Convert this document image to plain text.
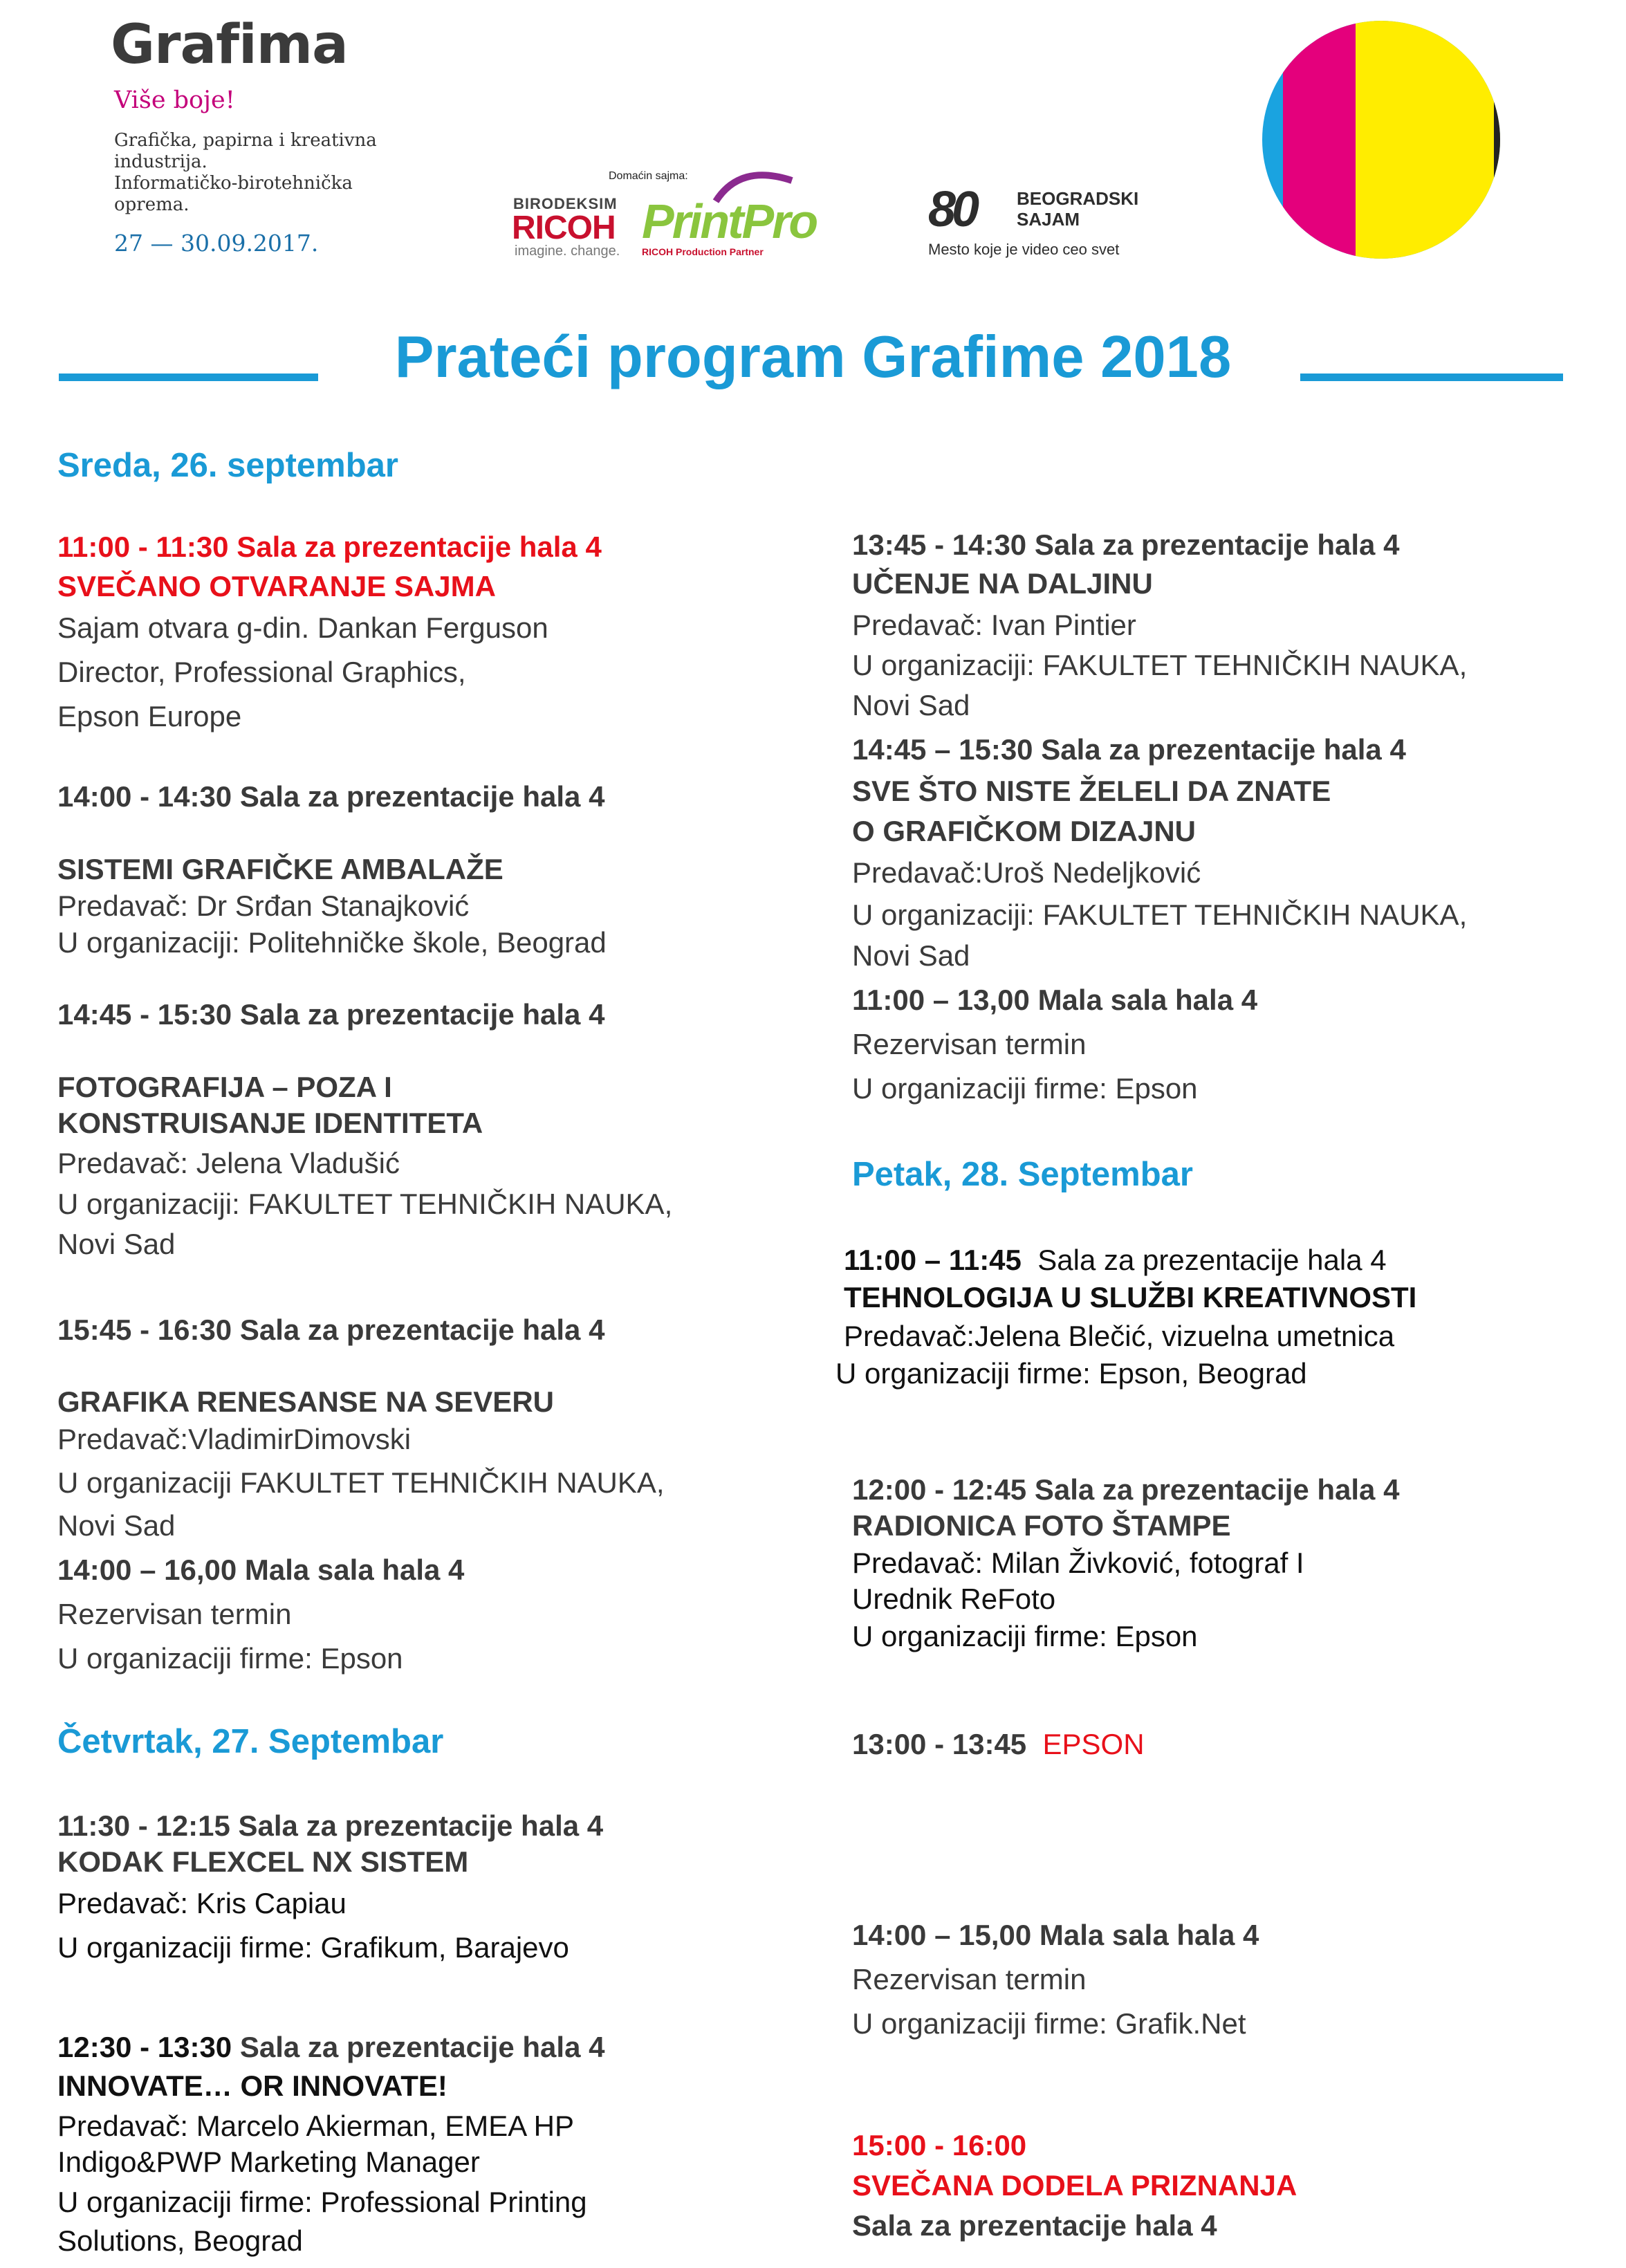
Grafima
Više boje!
Grafička, papirna i kreativna
industrija.
Informatičko-birotehnička
oprema.
27 — 30.09.2017.
Domaćin sajma:
BIRODEKSIM
RICOH
imagine. change.
PrintPro
RICOH Production Partner
80 BEOGRADSKI
SAJAM
Mesto koje je video ceo svet
Prateći program Grafime 2018
Sreda, 26. septembar
11:00 - 11:30 Sala za prezentacije hala 4
SVEČANO OTVARANJE SAJMA
Sajam otvara g-din. Dankan Ferguson
Director, Professional Graphics,
Epson Europe
14:00 - 14:30 Sala za prezentacije hala 4
SISTEMI GRAFIČKE AMBALAŽE
Predavač: Dr Srđan Stanajković
U organizaciji: Politehničke škole, Beograd
14:45 - 15:30 Sala za prezentacije hala 4
FOTOGRAFIJA – POZA I
KONSTRUISANJE IDENTITETA
Predavač: Jelena Vladušić
U organizaciji: FAKULTET TEHNIČKIH NAUKA,
Novi Sad
15:45 - 16:30 Sala za prezentacije hala 4
GRAFIKA RENESANSE NA SEVERU
Predavač:VladimirDimovski
U organizaciji FAKULTET TEHNIČKIH NAUKA,
Novi Sad
14:00 – 16,00 Mala sala hala 4
Rezervisan termin
U organizaciji firme: Epson
Četvrtak, 27. Septembar
11:30 - 12:15 Sala za prezentacije hala 4
KODAK FLEXCEL NX SISTEM
Predavač: Kris Capiau
U organizaciji firme: Grafikum, Barajevo
12:30 - 13:30 Sala za prezentacije hala 4
INNOVATE… OR INNOVATE!
Predavač: Marcelo Akierman, EMEA HP
Indigo&PWP Marketing Manager
U organizaciji firme: Professional Printing
Solutions, Beograd
13:45 - 14:30 Sala za prezentacije hala 4
UČENJE NA DALJINU
Predavač: Ivan Pintier
U organizaciji: FAKULTET TEHNIČKIH NAUKA,
Novi Sad
14:45 – 15:30 Sala za prezentacije hala 4
SVE ŠTO NISTE ŽELELI DA ZNATE
O GRAFIČKOM DIZAJNU
Predavač:Uroš Nedeljković
U organizaciji: FAKULTET TEHNIČKIH NAUKA,
Novi Sad
11:00 – 13,00 Mala sala hala 4
Rezervisan termin
U organizaciji firme: Epson
Petak, 28. Septembar
11:00 – 11:45 Sala za prezentacije hala 4
TEHNOLOGIJA U SLUŽBI KREATIVNOSTI
Predavač:Jelena Blečić, vizuelna umetnica
U organizaciji firme: Epson, Beograd
12:00 - 12:45 Sala za prezentacije hala 4
RADIONICA FOTO ŠTAMPE
Predavač: Milan Živković, fotograf I
Urednik ReFoto
U organizaciji firme: Epson
13:00 - 13:45 EPSON
14:00 – 15,00 Mala sala hala 4
Rezervisan termin
U organizaciji firme: Grafik.Net
15:00 - 16:00
SVEČANA DODELA PRIZNANJA
Sala za prezentacije hala 4
